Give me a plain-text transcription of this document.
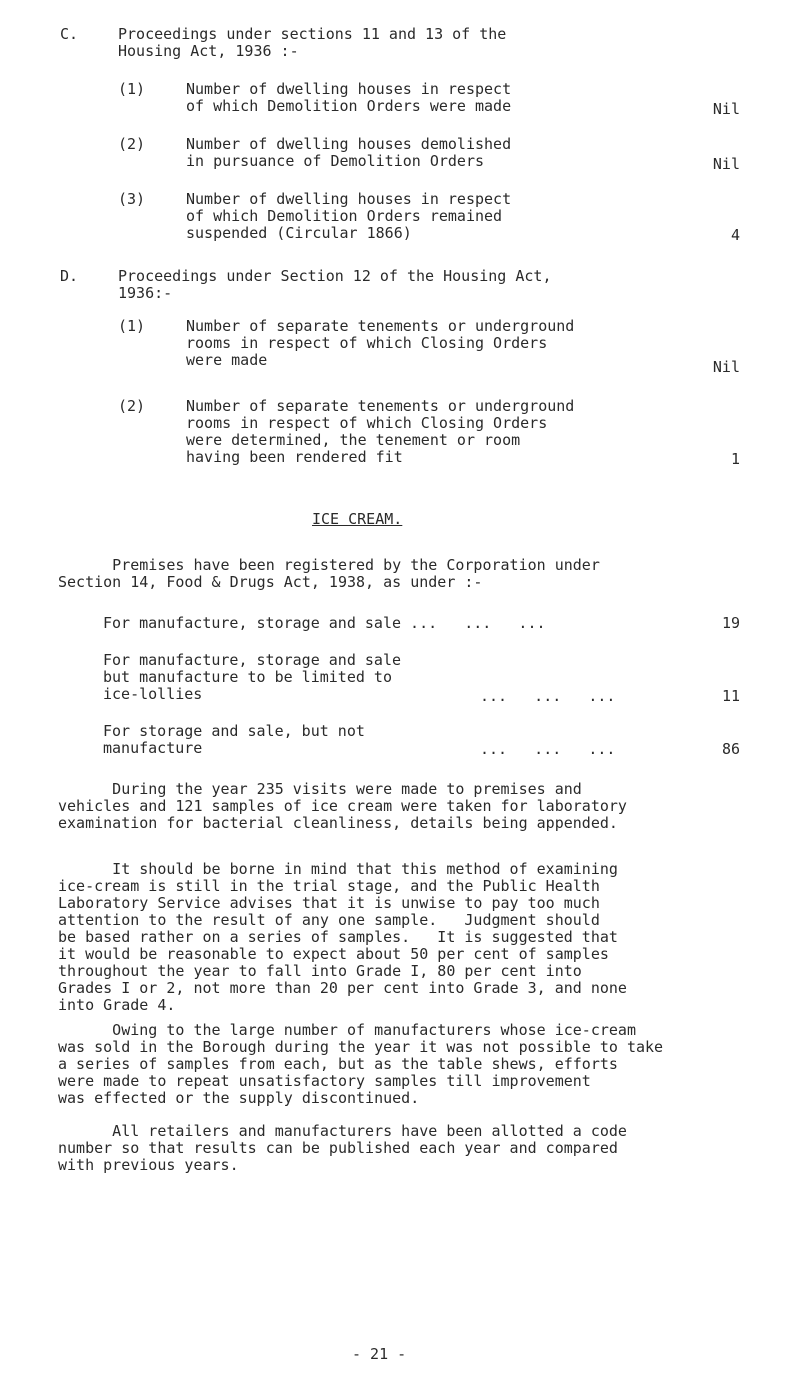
C.	Proceedings under sections 11 and 13 of the
Housing Act, 1936 :-
(1)	Number of dwelling houses in respect
of which Demolition Orders were made	Nil
(2)	Number of dwelling houses demolished
in pursuance of Demolition Orders	Nil
(3)	Number of dwelling houses in respect
of which Demolition Orders remained
suspended (Circular 1866)	4
D.	Proceedings under Section 12 of the Housing Act,
1936:-
(1)	Number of separate tenements or underground
rooms in respect of which Closing Orders
were made	Nil
(2)	Number of separate tenements or underground
rooms in respect of which Closing Orders
were determined, the tenement or room
having been rendered fit	1
ICE CREAM.
Premises have been registered by the Corporation under
Section 14, Food & Drugs Act, 1938, as under :-
For manufacture, storage and sale ...   ...   ...	19
For manufacture, storage and sale
but manufacture to be limited to
ice-lollies	...   ...   ...	11
For storage and sale, but not
manufacture	...   ...   ...	86
During the year 235 visits were made to premises and
vehicles and 121 samples of ice cream were taken for laboratory
examination for bacterial cleanliness, details being appended.
It should be borne in mind that this method of examining
ice-cream is still in the trial stage, and the Public Health
Laboratory Service advises that it is unwise to pay too much
attention to the result of any one sample.   Judgment should
be based rather on a series of samples.   It is suggested that
it would be reasonable to expect about 50 per cent of samples
throughout the year to fall into Grade I, 80 per cent into
Grades I or 2, not more than 20 per cent into Grade 3, and none
into Grade 4.
Owing to the large number of manufacturers whose ice-cream
was sold in the Borough during the year it was not possible to take
a series of samples from each, but as the table shews, efforts
were made to repeat unsatisfactory samples till improvement
was effected or the supply discontinued.
All retailers and manufacturers have been allotted a code
number so that results can be published each year and compared
with previous years.
- 21 -
